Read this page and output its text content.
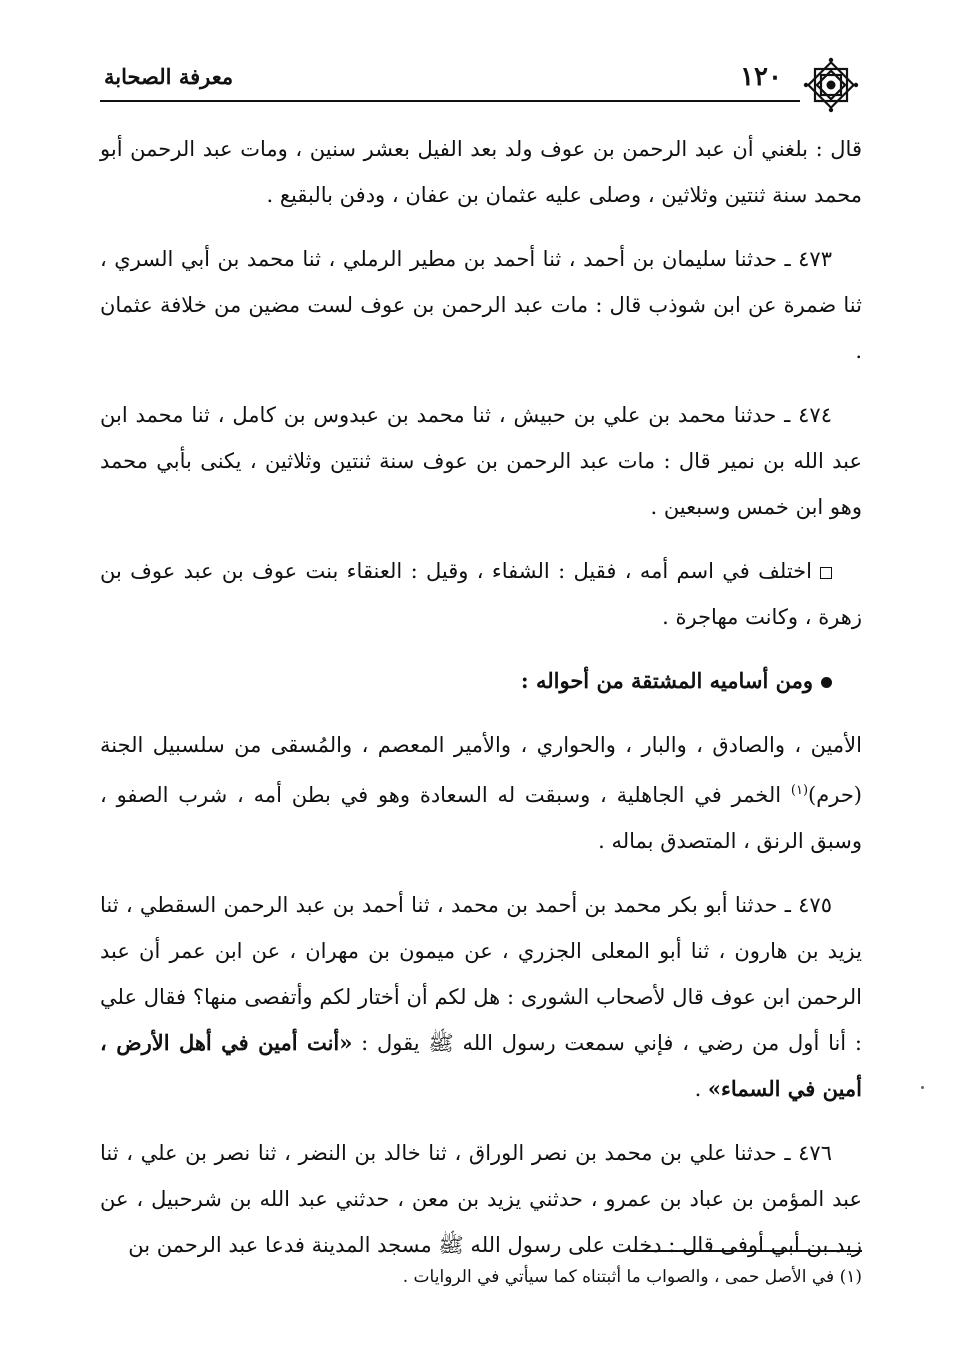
١٢٠
معرفة الصحابة

قال : بلغني أن عبد الرحمن بن عوف ولد بعد الفيل بعشر سنين ، ومات عبد الرحمن أبو محمد سنة ثنتين وثلاثين ، وصلى عليه عثمان بن عفان ، ودفن بالبقيع .

٤٧٣ ـ حدثنا سليمان بن أحمد ، ثنا أحمد بن مطير الرملي ، ثنا محمد بن أبي السري ، ثنا ضمرة عن ابن شوذب قال : مات عبد الرحمن بن عوف لست مضين من خلافة عثمان .

٤٧٤ ـ حدثنا محمد بن علي بن حبيش ، ثنا محمد بن عبدوس بن كامل ، ثنا محمد ابن عبد الله بن نمير قال : مات عبد الرحمن بن عوف سنة ثنتين وثلاثين ، يكنى بأبي محمد وهو ابن خمس وسبعين .

اختلف في اسم أمه ، فقيل : الشفاء ، وقيل : العنقاء بنت عوف بن عبد عوف بن زهرة ، وكانت مهاجرة .

ومن أساميه المشتقة من أحواله :

الأمين ، والصادق ، والبار ، والحواري ، والأمير المعصم ، والمُسقى من سلسبيل الجنة (حرم)$^{(١)}$ الخمر في الجاهلية ، وسبقت له السعادة وهو في بطن أمه ، شرب الصفو ، وسبق الرنق ، المتصدق بماله .

٤٧٥ ـ حدثنا أبو بكر محمد بن أحمد بن محمد ، ثنا أحمد بن عبد الرحمن السقطي ، ثنا يزيد بن هارون ، ثنا أبو المعلى الجزري ، عن ميمون بن مهران ، عن ابن عمر أن عبد الرحمن ابن عوف قال لأصحاب الشورى : هل لكم أن أختار لكم وأتفصى منها؟ فقال علي : أنا أول من رضي ، فإني سمعت رسول الله ﷺ يقول : «أنت أمين في أهل الأرض ، أمين في السماء» .

٤٧٦ ـ حدثنا علي بن محمد بن نصر الوراق ، ثنا خالد بن النضر ، ثنا نصر بن علي ، ثنا عبد المؤمن بن عباد بن عمرو ، حدثني يزيد بن معن ، حدثني عبد الله بن شرحبيل ، عن زيد بن أبي أوفى قال : دخلت على رسول الله ﷺ مسجد المدينة فدعا عبد الرحمن بن

(١) في الأصل حمى ، والصواب ما أثبتناه كما سيأتي في الروايات .
